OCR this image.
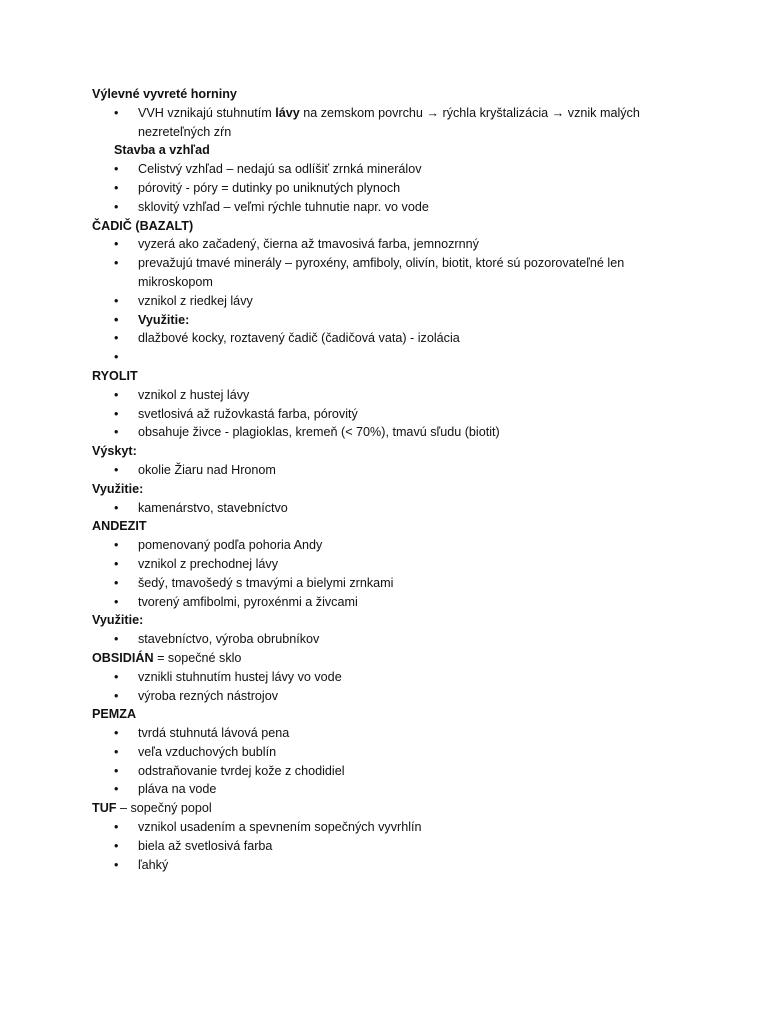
Výlevné vyvreté horniny
• VVH vznikajú stuhnutím lávy na zemskom povrchu → rýchla kryštalizácia → vznik malých
nezreteľných zŕn
Stavba a vzhľad
• Celistvý vzhľad – nedajú sa odlíšiť zrnká minerálov
• pórovitý - póry = dutinky po uniknutých plynoch
• sklovitý vzhľad – veľmi rýchle tuhnutie napr. vo vode
ČADIČ (BAZALT)
• vyzerá ako začadený, čierna až tmavosivá farba, jemnozrnný
• prevažujú tmavé minerály – pyroxény, amfiboly, olivín, biotit, ktoré sú pozorovateľné len
mikroskopom
• vznikol z riedkej lávy
• Využitie:
• dlažbové kocky, roztavený čadič (čadičová vata) - izolácia
•
RYOLIT
• vznikol z hustej lávy
• svetlosivá až ružovkastá farba, pórovitý
• obsahuje živce - plagioklas, kremeň (< 70%), tmavú sľudu (biotit)
Výskyt:
• okolie Žiaru nad Hronom
Využitie:
• kamenárstvo, stavebníctvo
ANDEZIT
• pomenovaný podľa pohoria Andy
• vznikol z prechodnej lávy
• šedý, tmavošedý s tmavými a bielymi zrnkami
• tvorený amfibolmi, pyroxénmi a živcami
Využitie:
• stavebníctvo, výroba obrubníkov
OBSIDIÁN = sopečné sklo
• vznikli stuhnutím hustej lávy vo vode
• výroba rezných nástrojov
PEMZA
• tvrdá stuhnutá lávová pena
• veľa vzduchových bublín
• odstraňovanie tvrdej kože z chodidiel
• pláva na vode
TUF – sopečný popol
• vznikol usadením a spevnením sopečných vyvrhlín
• biela až svetlosivá farba
• ľahký
